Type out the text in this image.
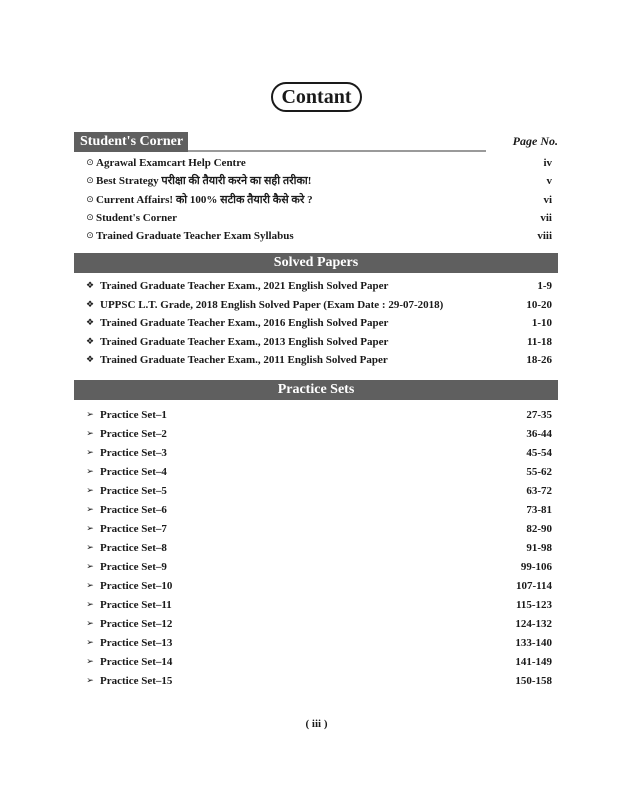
Contant
Student's Corner	Page No.
⊙ Agrawal Examcart Help Centre	iv
⊙ Best Strategy परीक्षा की तैयारी करने का सही तरीका!	v
⊙ Current Affairs! को 100% सटीक तैयारी कैसे करे ?	vi
⊙ Student's Corner	vii
⊙ Trained Graduate Teacher Exam Syllabus	viii
Solved Papers
❖ Trained Graduate Teacher Exam., 2021 English Solved Paper	1-9
❖ UPPSC L.T. Grade, 2018 English Solved Paper (Exam Date : 29-07-2018)	10-20
❖ Trained Graduate Teacher Exam., 2016 English Solved Paper	1-10
❖ Trained Graduate Teacher Exam., 2013 English Solved Paper	11-18
❖ Trained Graduate Teacher Exam., 2011 English Solved Paper	18-26
Practice Sets
➢ Practice Set–1	27-35
➢ Practice Set–2	36-44
➢ Practice Set–3	45-54
➢ Practice Set–4	55-62
➢ Practice Set–5	63-72
➢ Practice Set–6	73-81
➢ Practice Set–7	82-90
➢ Practice Set–8	91-98
➢ Practice Set–9	99-106
➢ Practice Set–10	107-114
➢ Practice Set–11	115-123
➢ Practice Set–12	124-132
➢ Practice Set–13	133-140
➢ Practice Set–14	141-149
➢ Practice Set–15	150-158
( iii )
